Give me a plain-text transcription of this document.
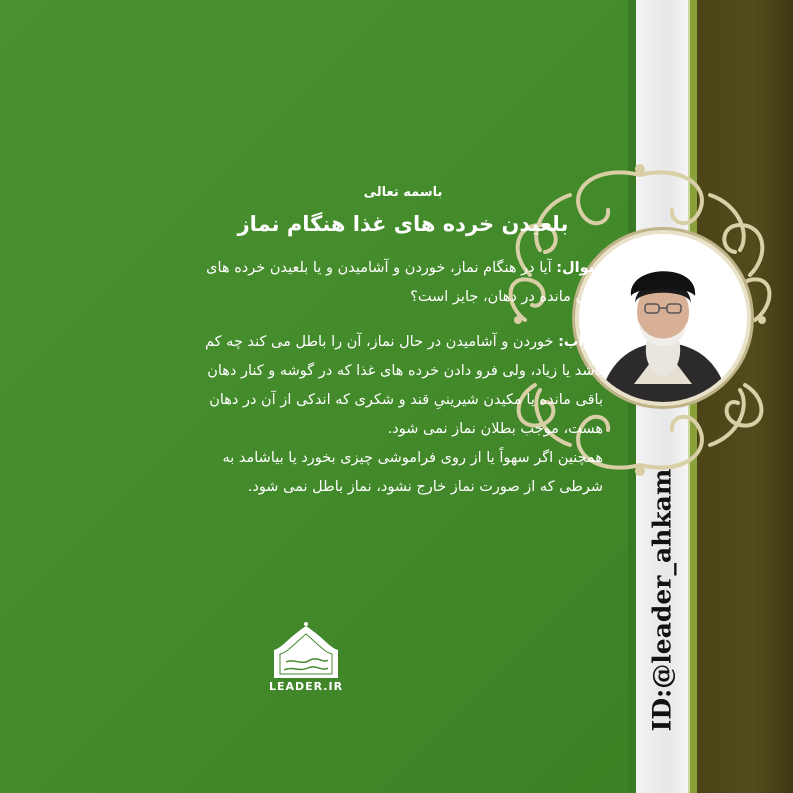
ID:@leader_ahkam
باسمه تعالی
بلعیدن خرده های غذا هنگام نماز
سوال: آیا در هنگام نماز، خوردن و آشامیدن و یا بلعیدن خرده های باقی مانده در دهان، جایز است؟

جواب: خوردن و آشامیدن در حال نماز، آن را باطل می کند چه کم باشد یا زیاد، ولی فرو دادن خرده های غذا که در گوشه و کنار دهان باقی مانده یا مکیدن شیرینیِ قند و شکری که اندکی از آن در دهان هست، موجب بطلان نماز نمی شود.

همچنین اگر سهواً یا از روی فراموشی چیزی بخورد یا بیاشامد به شرطی که از صورت نماز خارج نشود، نماز باطل نمی شود.

LEADER.IR
